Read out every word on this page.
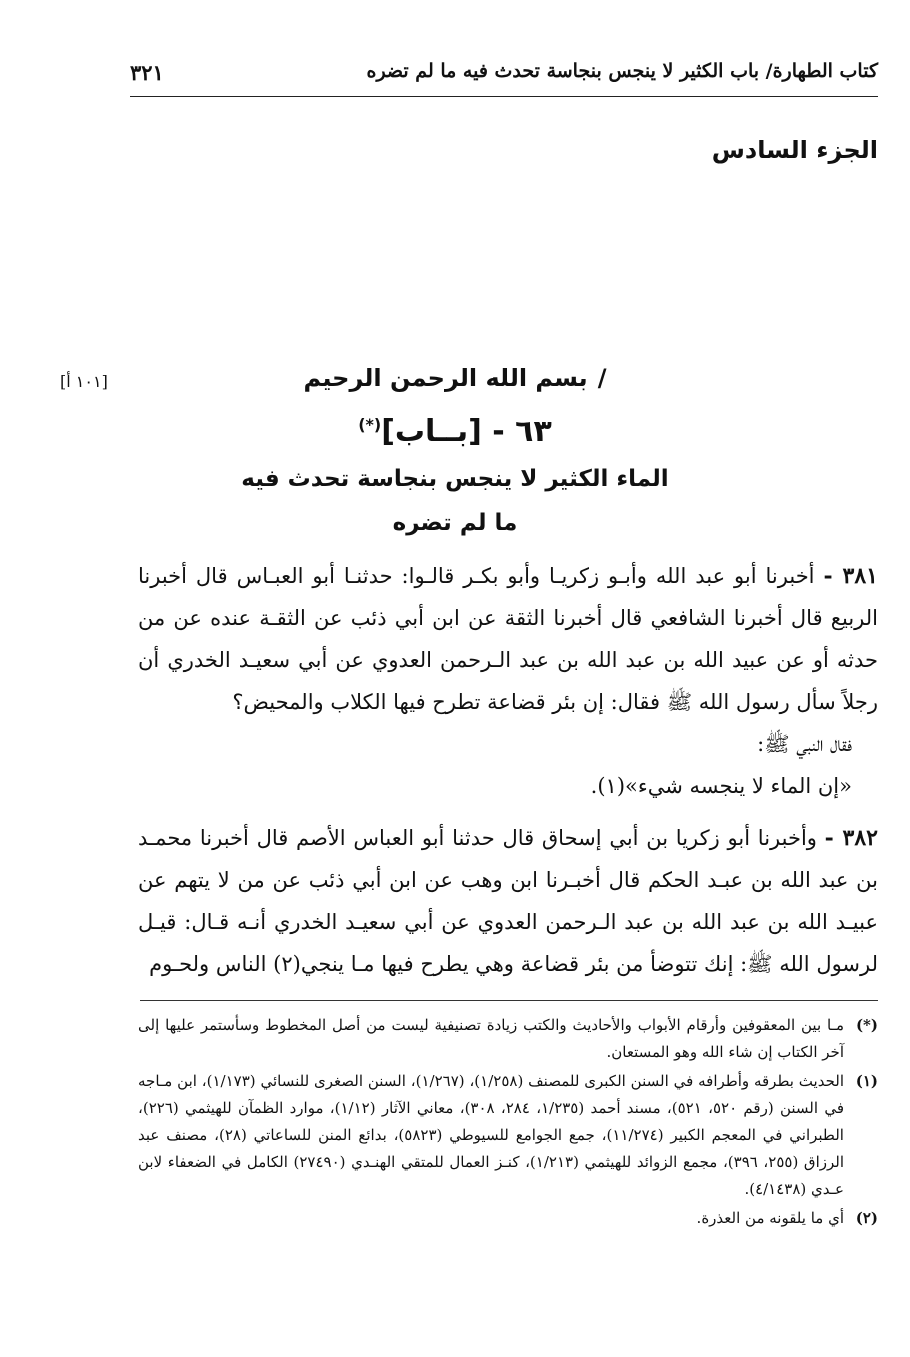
كتاب الطهارة/ باب الكثير لا ينجس بنجاسة تحدث فيه ما لم تضره
٣٢١
الجزء السادس
/بسم الله الرحمن الرحيم
[١٠١ أ]
٦٣ - [بــاب](*)
الماء الكثير لا ينجس بنجاسة تحدث فيه
ما لم تضره

٣٨١ - أخبرنا أبو عبد الله وأبـو زكريـا وأبو بكـر قالـوا: حدثنـا أبو العبـاس قال أخبرنا الربيع قال أخبرنا الشافعي قال أخبرنا الثقة عن ابن أبي ذئب عن الثقـة عنده عن من حدثه أو عن عبيد الله بن عبد الله بن عبد الـرحمن العدوي عن أبي سعيـد الخدري أن رجلاً سأل رسول الله ﷺ فقال: إن بئر قضاعة تطرح فيها الكلاب والمحيض؟

فقال النبي ﷺ:

«إن الماء لا ينجسه شيء»(١).

٣٨٢ - وأخبرنا أبو زكريا بن أبي إسحاق قال حدثنا أبو العباس الأصم قال أخبرنا محمـد بن عبد الله بن عبـد الحكم قال أخبـرنا ابن وهب عن ابن أبي ذئب عن من لا يتهم عن عبيـد الله بن عبد الله بن عبد الـرحمن العدوي عن أبي سعيـد الخدري أنـه قـال: قيـل لرسول الله ﷺ: إنك تتوضأ من بئر قضاعة وهي يطرح فيها مـا ينجي(٢) الناس ولحـوم

(*)
مـا بين المعقوفين وأرقام الأبواب والأحاديث والكتب زيادة تصنيفية ليست من أصل المخطوط وسأستمر عليها إلى آخر الكتاب إن شاء الله وهو المستعان.
(١)
الحديث بطرقه وأطرافه في السنن الكبرى للمصنف (١/٢٥٨)، (١/٢٦٧)، السنن الصغرى للنسائي (١/١٧٣)، ابن مـاجه في السنن (رقم ٥٢٠، ٥٢١)، مسند أحمد (١/٢٣٥، ٢٨٤، ٣٠٨)، معاني الآثار (١/١٢)، موارد الظمآن للهيثمي (٢٢٦)، الطبراني في المعجم الكبير (١١/٢٧٤)، جمع الجوامع للسيوطي (٥٨٢٣)، بدائع المنن للساعاتي (٢٨)، مصنف عبد الرزاق (٢٥٥، ٣٩٦)، مجمع الزوائد للهيثمي (١/٢١٣)، كنـز العمال للمتقي الهنـدي (٢٧٤٩٠) الكامل في الضعفاء لابن عـدي (٤/١٤٣٨).
(٢)
أي ما يلقونه من العذرة.
